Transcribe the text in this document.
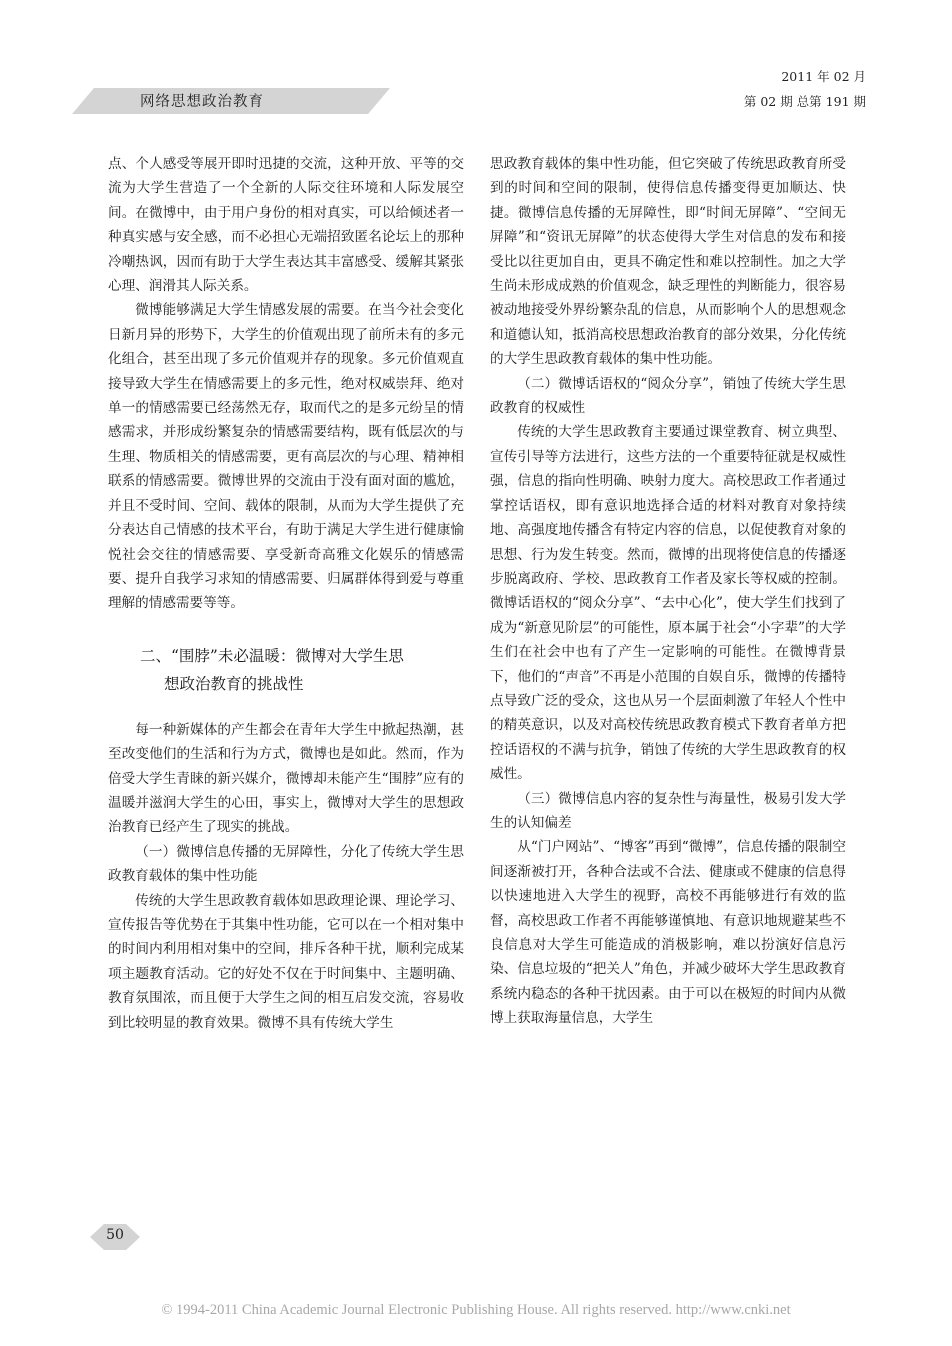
网络思想政治教育
2011 年 02 月
第 02 期 总第 191 期

点、个人感受等展开即时迅捷的交流，这种开放、平等的交流为大学生营造了一个全新的人际交往环境和人际发展空间。在微博中，由于用户身份的相对真实，可以给倾述者一种真实感与安全感，而不必担心无端招致匿名论坛上的那种冷嘲热讽，因而有助于大学生表达其丰富感受、缓解其紧张心理、润滑其人际关系。

微博能够满足大学生情感发展的需要。在当今社会变化日新月异的形势下，大学生的价值观出现了前所未有的多元化组合，甚至出现了多元价值观并存的现象。多元价值观直接导致大学生在情感需要上的多元性，绝对权威崇拜、绝对单一的情感需要已经荡然无存，取而代之的是多元纷呈的情感需求，并形成纷繁复杂的情感需要结构，既有低层次的与生理、物质相关的情感需要，更有高层次的与心理、精神相联系的情感需要。微博世界的交流由于没有面对面的尴尬，并且不受时间、空间、载体的限制，从而为大学生提供了充分表达自己情感的技术平台，有助于满足大学生进行健康愉悦社会交往的情感需要、享受新奇高雅文化娱乐的情感需要、提升自我学习求知的情感需要、归属群体得到爱与尊重理解的情感需要等等。

二、“围脖”未必温暖：微博对大学生思
想政治教育的挑战性

每一种新媒体的产生都会在青年大学生中掀起热潮，甚至改变他们的生活和行为方式，微博也是如此。然而，作为倍受大学生青睐的新兴媒介，微博却未能产生“围脖”应有的温暖并滋润大学生的心田，事实上，微博对大学生的思想政治教育已经产生了现实的挑战。

（一）微博信息传播的无屏障性，分化了传统大学生思政教育载体的集中性功能

传统的大学生思政教育载体如思政理论课、理论学习、宣传报告等优势在于其集中性功能，它可以在一个相对集中的时间内利用相对集中的空间，排斥各种干扰，顺利完成某项主题教育活动。它的好处不仅在于时间集中、主题明确、教育氛围浓，而且便于大学生之间的相互启发交流，容易收到比较明显的教育效果。微博不具有传统大学生

思政教育载体的集中性功能，但它突破了传统思政教育所受到的时间和空间的限制，使得信息传播变得更加顺达、快捷。微博信息传播的无屏障性，即“时间无屏障”、“空间无屏障”和“资讯无屏障”的状态使得大学生对信息的发布和接受比以往更加自由，更具不确定性和难以控制性。加之大学生尚未形成成熟的价值观念，缺乏理性的判断能力，很容易被动地接受外界纷繁杂乱的信息，从而影响个人的思想观念和道德认知，抵消高校思想政治教育的部分效果，分化传统的大学生思政教育载体的集中性功能。

（二）微博话语权的“阅众分享”，销蚀了传统大学生思政教育的权威性

传统的大学生思政教育主要通过课堂教育、树立典型、宣传引导等方法进行，这些方法的一个重要特征就是权威性强，信息的指向性明确、映射力度大。高校思政工作者通过掌控话语权，即有意识地选择合适的材料对教育对象持续地、高强度地传播含有特定内容的信息，以促使教育对象的思想、行为发生转变。然而，微博的出现将使信息的传播逐步脱离政府、学校、思政教育工作者及家长等权威的控制。微博话语权的“阅众分享”、“去中心化”，使大学生们找到了成为“新意见阶层”的可能性，原本属于社会“小字辈”的大学生们在社会中也有了产生一定影响的可能性。在微博背景下，他们的“声音”不再是小范围的自娱自乐，微博的传播特点导致广泛的受众，这也从另一个层面刺激了年轻人个性中的精英意识，以及对高校传统思政教育模式下教育者单方把控话语权的不满与抗争，销蚀了传统的大学生思政教育的权威性。

（三）微博信息内容的复杂性与海量性，极易引发大学生的认知偏差

从“门户网站”、“博客”再到“微博”，信息传播的限制空间逐渐被打开，各种合法或不合法、健康或不健康的信息得以快速地进入大学生的视野，高校不再能够进行有效的监督，高校思政工作者不再能够谨慎地、有意识地规避某些不良信息对大学生可能造成的消极影响，难以扮演好信息污染、信息垃圾的“把关人”角色，并减少破坏大学生思政教育系统内稳态的各种干扰因素。由于可以在极短的时间内从微博上获取海量信息，大学生

50
© 1994-2011 China Academic Journal Electronic Publishing House. All rights reserved. http://www.cnki.net
